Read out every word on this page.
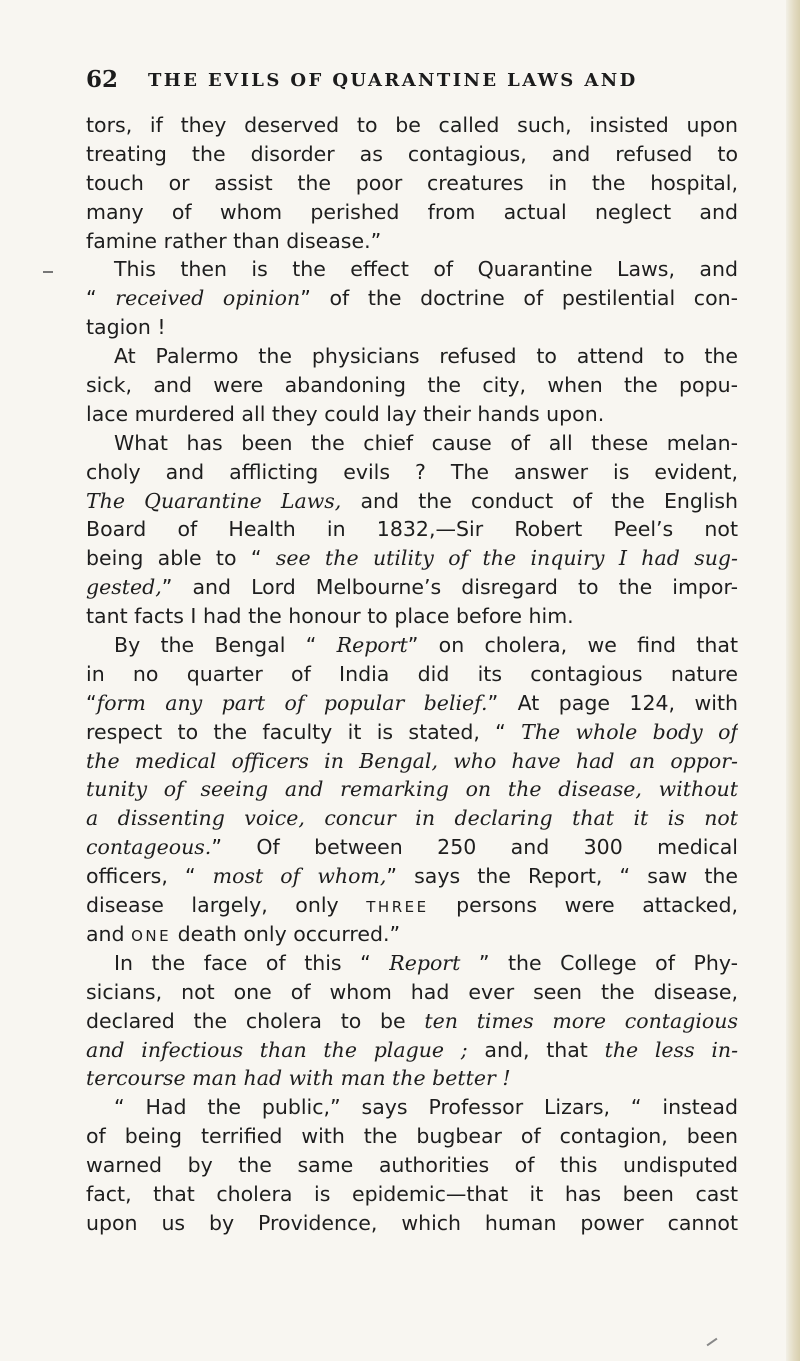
62 THE EVILS OF QUARANTINE LAWS AND
tors, if they deserved to be called such, insisted upon
treating the disorder as contagious, and refused to
touch or assist the poor creatures in the hospital,
many of whom perished from actual neglect and
famine rather than disease.”
This then is the effect of Quarantine Laws, and
“ received opinion” of the doctrine of pestilential con-
tagion !
At Palermo the physicians refused to attend to the
sick, and were abandoning the city, when the popu-
lace murdered all they could lay their hands upon.
What has been the chief cause of all these melan-
choly and afflicting evils ? The answer is evident,
The Quarantine Laws, and the conduct of the English
Board of Health in 1832,—Sir Robert Peel’s not
being able to “ see the utility of the inquiry I had sug-
gested,” and Lord Melbourne’s disregard to the impor-
tant facts I had the honour to place before him.
By the Bengal “ Report” on cholera, we find that
in no quarter of India did its contagious nature
“form any part of popular belief.” At page 124, with
respect to the faculty it is stated, “ The whole body of
the medical officers in Bengal, who have had an oppor-
tunity of seeing and remarking on the disease, without
a dissenting voice, concur in declaring that it is not
contageous.” Of between 250 and 300 medical
officers, “ most of whom,” says the Report, “ saw the
disease largely, only THREE persons were attacked,
and ONE death only occurred.”
In the face of this “ Report ” the College of Phy-
sicians, not one of whom had ever seen the disease,
declared the cholera to be ten times more contagious
and infectious than the plague ; and, that the less in-
tercourse man had with man the better !
“ Had the public,” says Professor Lizars, “ instead
of being terrified with the bugbear of contagion, been
warned by the same authorities of this undisputed
fact, that cholera is epidemic—that it has been cast
upon us by Providence, which human power cannot
